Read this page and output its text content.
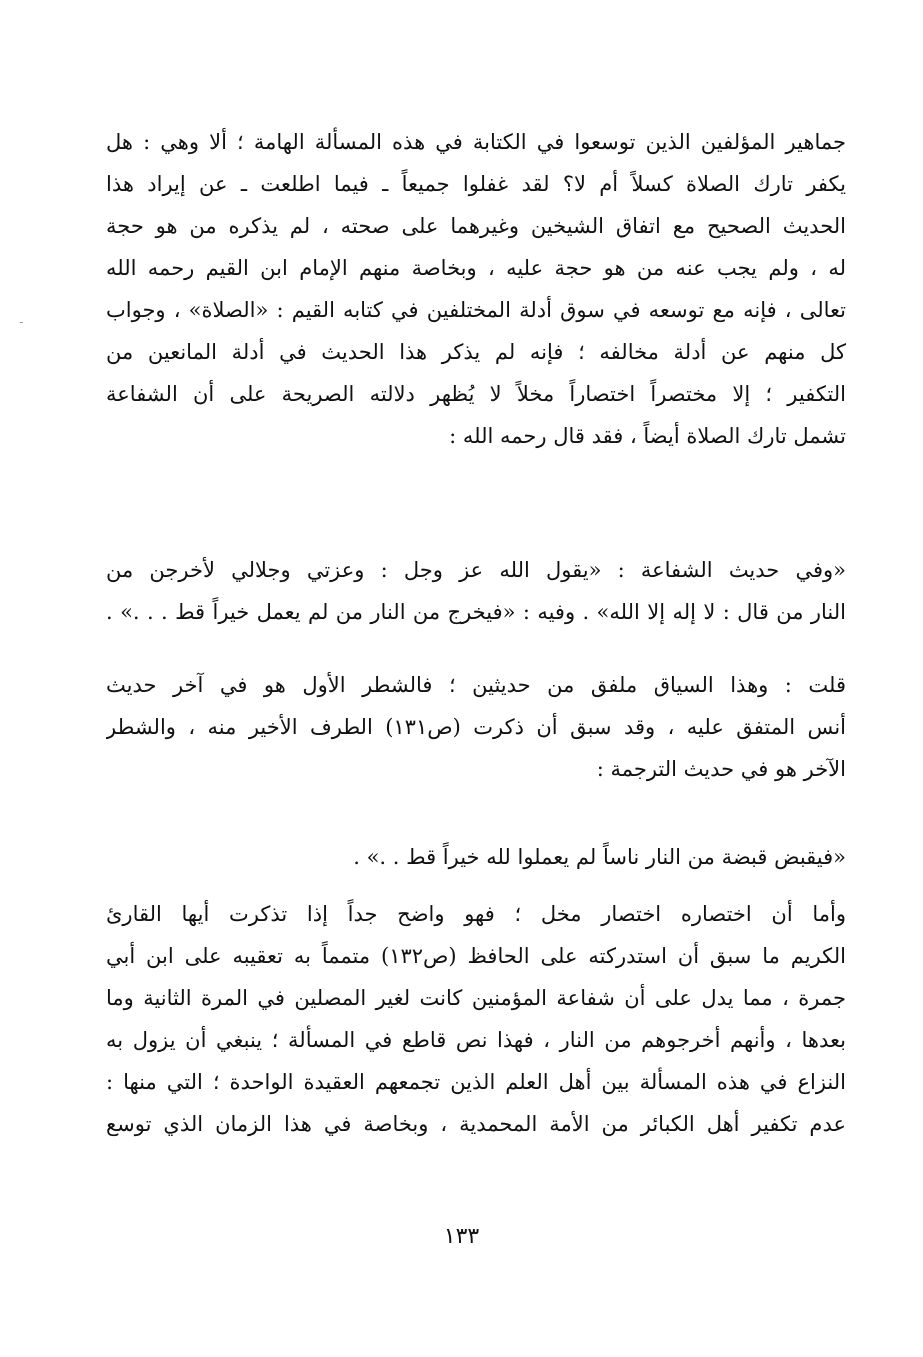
جماهير المؤلفين الذين توسعوا في الكتابة في هذه المسألة الهامة ؛ ألا وهي : هل
يكفر تارك الصلاة كسلاً أم لا؟ لقد غفلوا جميعاً ـ فيما اطلعت ـ عن إيراد هذا
الحديث الصحيح مع اتفاق الشيخين وغيرهما على صحته ، لم يذكره من هو حجة
له ، ولم يجب عنه من هو حجة عليه ، وبخاصة منهم الإمام ابن القيم رحمه الله
تعالى ، فإنه مع توسعه في سوق أدلة المختلفين في كتابه القيم : «الصلاة» ، وجواب
كل منهم عن أدلة مخالفه ؛ فإنه لم يذكر هذا الحديث في أدلة المانعين من
التكفير ؛ إلا مختصراً اختصاراً مخلاً لا يُظهر دلالته الصريحة على أن الشفاعة
تشمل تارك الصلاة أيضاً ، فقد قال رحمه الله :
«وفي حديث الشفاعة : «يقول الله عز وجل : وعزتي وجلالي لأخرجن من
النار من قال : لا إله إلا الله» . وفيه : «فيخرج من النار من لم يعمل خيراً قط . . .» .
قلت : وهذا السياق ملفق من حديثين ؛ فالشطر الأول هو في آخر حديث
أنس المتفق عليه ، وقد سبق أن ذكرت (ص١٣١) الطرف الأخير منه ، والشطر
الآخر هو في حديث الترجمة :
«فيقبض قبضة من النار ناساً لم يعملوا لله خيراً قط . .» .
وأما أن اختصاره اختصار مخل ؛ فهو واضح جداً إذا تذكرت أيها القارئ
الكريم ما سبق أن استدركته على الحافظ (ص١٣٢) متمماً به تعقيبه على ابن أبي
جمرة ، مما يدل على أن شفاعة المؤمنين كانت لغير المصلين في المرة الثانية وما
بعدها ، وأنهم أخرجوهم من النار ، فهذا نص قاطع في المسألة ؛ ينبغي أن يزول به
النزاع في هذه المسألة بين أهل العلم الذين تجمعهم العقيدة الواحدة ؛ التي منها :
عدم تكفير أهل الكبائر من الأمة المحمدية ، وبخاصة في هذا الزمان الذي توسع
١٣٣
